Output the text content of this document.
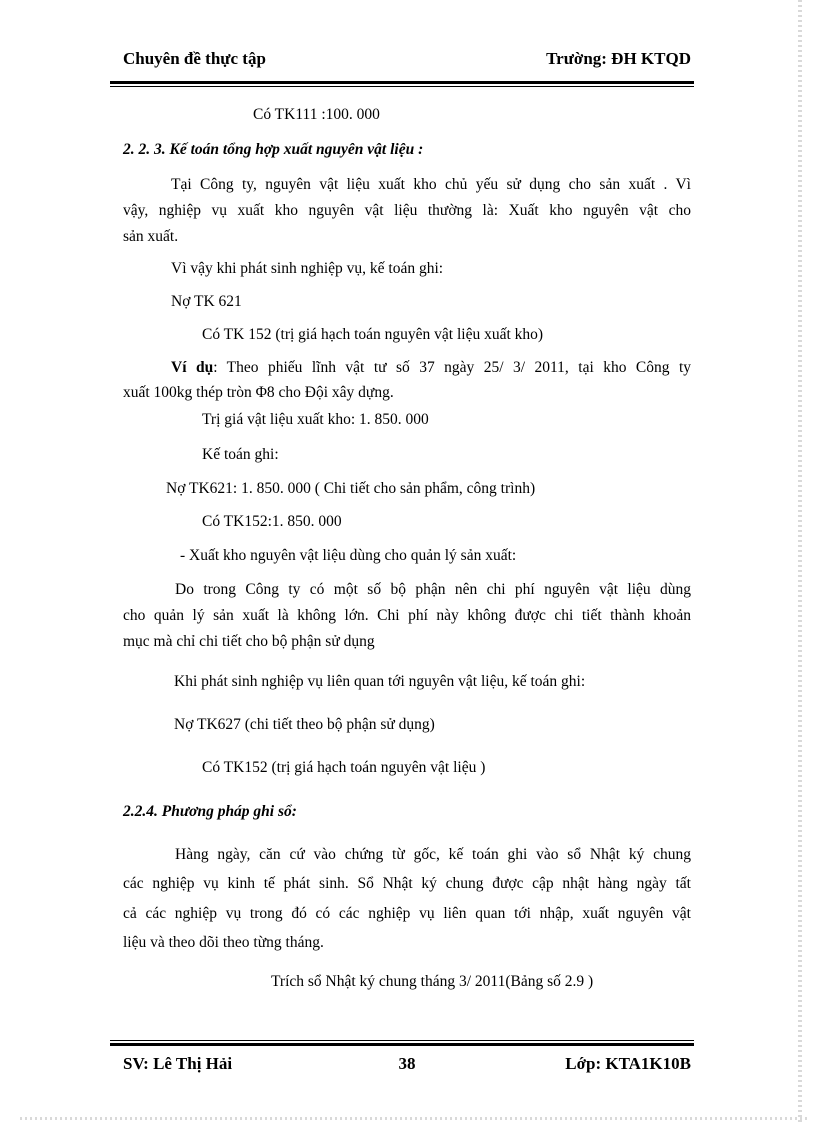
Chuyên đề thực tập	Trường: ĐH KTQD
Có TK111 :100. 000
2. 2. 3. Kế toán tổng hợp xuất nguyên vật liệu :
Tại Công ty, nguyên vật liệu xuất kho chủ yếu sử dụng cho sản xuất . Vì
vậy, nghiệp vụ xuất kho nguyên vật liệu thường là: Xuất kho nguyên vật cho
sản xuất.
Vì vậy khi phát sinh nghiệp vụ, kế toán ghi:
Nợ TK 621
Có TK 152 (trị giá hạch toán nguyên vật liệu xuất kho)
Ví dụ: Theo phiếu lĩnh vật tư số 37 ngày 25/ 3/ 2011, tại kho Công ty
xuất 100kg thép tròn Φ8 cho Đội xây dựng.
Trị giá vật liệu xuất kho: 1. 850. 000
Kế toán ghi:
Nợ TK621: 1. 850. 000 ( Chi tiết cho sản phẩm, công trình)
Có TK152:1. 850. 000
- Xuất kho nguyên vật liệu dùng cho quản lý sản xuất:
Do trong Công ty có một số bộ phận nên chi phí nguyên vật liệu dùng
cho quản lý sản xuất là không lớn. Chi phí này không được chi tiết thành khoản
mục mà chỉ chi tiết cho bộ phận sử dụng
Khi phát sinh nghiệp vụ liên quan tới nguyên vật liệu, kế toán ghi:
Nợ TK627 (chi tiết theo bộ phận sử dụng)
Có TK152 (trị giá hạch toán nguyên vật liệu )
2.2.4. Phương pháp ghi sổ:
Hàng ngày, căn cứ vào chứng từ gốc, kế toán ghi vào sổ Nhật ký chung
các nghiệp vụ kinh tế phát sinh. Sổ Nhật ký chung được cập nhật hàng ngày tất
cả các nghiệp vụ trong đó có các nghiệp vụ liên quan tới nhập, xuất nguyên vật
liệu và theo dõi theo từng tháng.
Trích sổ Nhật ký chung tháng 3/ 2011(Bảng số 2.9 )
SV: Lê Thị Hải	38	Lớp: KTA1K10B
